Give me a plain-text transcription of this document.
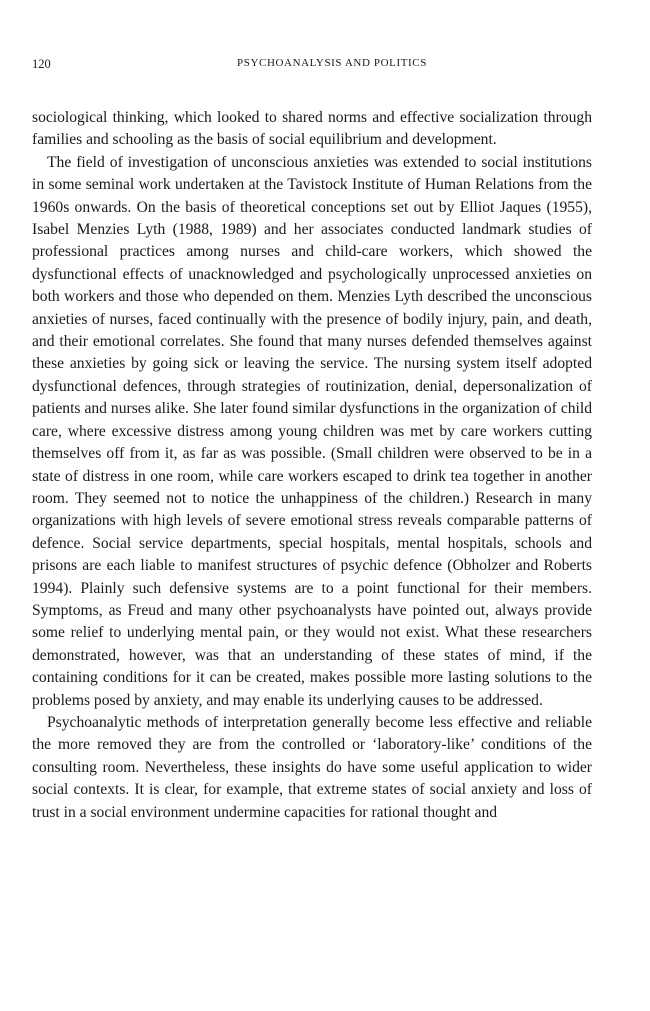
120	PSYCHOANALYSIS AND POLITICS

sociological thinking, which looked to shared norms and effective socialization through families and schooling as the basis of social equilibrium and development.

The field of investigation of unconscious anxieties was extended to social institutions in some seminal work undertaken at the Tavistock Institute of Human Relations from the 1960s onwards. On the basis of theoretical conceptions set out by Elliot Jaques (1955), Isabel Menzies Lyth (1988, 1989) and her associates conducted landmark studies of professional practices among nurses and child-care workers, which showed the dysfunctional effects of unacknowledged and psychologically unprocessed anxieties on both workers and those who depended on them. Menzies Lyth described the unconscious anxieties of nurses, faced continually with the presence of bodily injury, pain, and death, and their emotional correlates. She found that many nurses defended themselves against these anxieties by going sick or leaving the service. The nursing system itself adopted dysfunctional defences, through strategies of routinization, denial, depersonalization of patients and nurses alike. She later found similar dysfunctions in the organization of child care, where excessive distress among young children was met by care workers cutting themselves off from it, as far as was possible. (Small children were observed to be in a state of distress in one room, while care workers escaped to drink tea together in another room. They seemed not to notice the unhappiness of the children.) Research in many organizations with high levels of severe emotional stress reveals comparable patterns of defence. Social service departments, special hospitals, mental hospitals, schools and prisons are each liable to manifest structures of psychic defence (Obholzer and Roberts 1994). Plainly such defensive systems are to a point functional for their members. Symptoms, as Freud and many other psychoanalysts have pointed out, always provide some relief to underlying mental pain, or they would not exist. What these researchers demonstrated, however, was that an understanding of these states of mind, if the containing conditions for it can be created, makes possible more lasting solutions to the problems posed by anxiety, and may enable its underlying causes to be addressed.

Psychoanalytic methods of interpretation generally become less effective and reliable the more removed they are from the controlled or ‘laboratory-like’ conditions of the consulting room. Nevertheless, these insights do have some useful application to wider social contexts. It is clear, for example, that extreme states of social anxiety and loss of trust in a social environment undermine capacities for rational thought and
